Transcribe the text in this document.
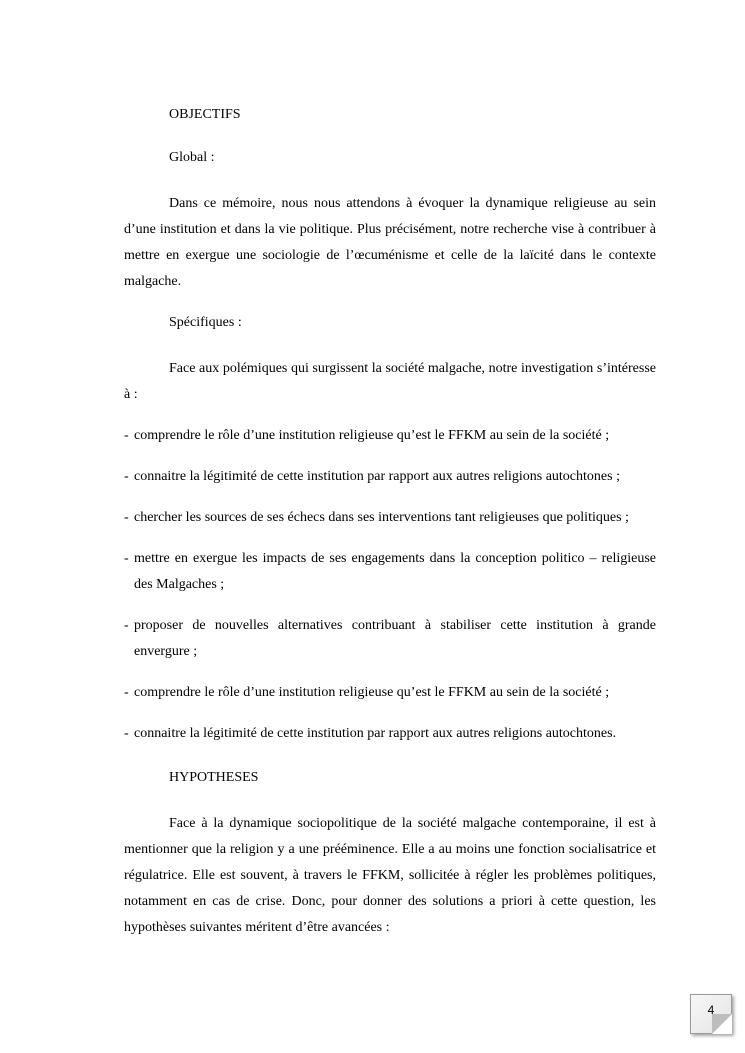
OBJECTIFS

Global :

Dans ce mémoire, nous nous attendons à évoquer la dynamique religieuse au sein d’une institution et dans la vie politique. Plus précisément, notre recherche vise à contribuer à mettre en exergue une sociologie de l’œcuménisme et celle de la laïcité dans le contexte malgache.

Spécifiques :

Face aux polémiques qui surgissent la société malgache, notre investigation s’intéresse à :

- comprendre le rôle d’une institution religieuse qu’est le FFKM au sein de la société ;
- connaitre la légitimité de cette institution par rapport aux autres religions autochtones ;
- chercher les sources de ses échecs dans ses interventions tant religieuses que politiques ;
- mettre en exergue les impacts de ses engagements dans la conception politico – religieuse des Malgaches ;
- proposer de nouvelles alternatives contribuant à stabiliser cette institution à grande envergure ;
- comprendre le rôle d’une institution religieuse qu’est le FFKM au sein de la société ;
- connaitre la légitimité de cette institution par rapport aux autres religions autochtones.

HYPOTHESES

Face à la dynamique sociopolitique de la société malgache contemporaine, il est à mentionner que la religion y a une prééminence. Elle a au moins une fonction socialisatrice et régulatrice. Elle est souvent, à travers le FFKM, sollicitée à régler les problèmes politiques, notamment en cas de crise. Donc, pour donner des solutions a priori à cette question, les hypothèses suivantes méritent d’être avancées :

4
